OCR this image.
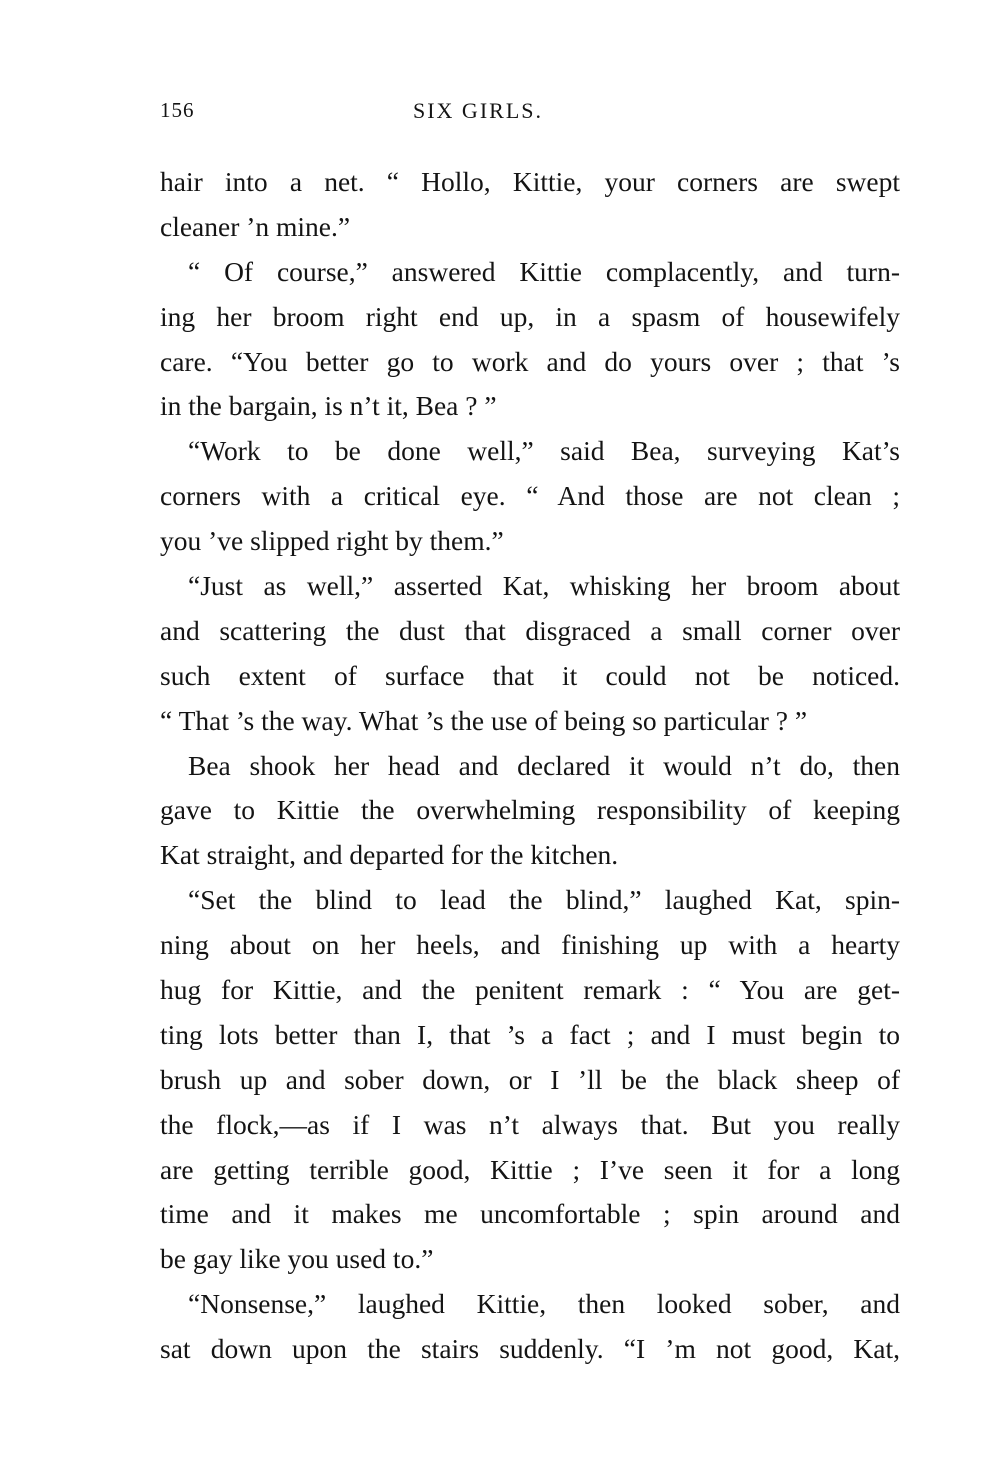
156	SIX GIRLS.
hair into a net. “ Hollo, Kittie, your corners are swept
cleaner ’n mine.”
“ Of course,” answered Kittie complacently, and turn-
ing her broom right end up, in a spasm of housewifely
care. “You better go to work and do yours over ; that ’s
in the bargain, is n’t it, Bea ? ”
“Work to be done well,” said Bea, surveying Kat’s
corners with a critical eye. “ And those are not clean ;
you ’ve slipped right by them.”
“Just as well,” asserted Kat, whisking her broom about
and scattering the dust that disgraced a small corner over
such extent of surface that it could not be noticed.
“ That ’s the way. What ’s the use of being so particular ? ”
Bea shook her head and declared it would n’t do, then
gave to Kittie the overwhelming responsibility of keeping
Kat straight, and departed for the kitchen.
“Set the blind to lead the blind,” laughed Kat, spin-
ning about on her heels, and finishing up with a hearty
hug for Kittie, and the penitent remark : “ You are get-
ting lots better than I, that ’s a fact ; and I must begin to
brush up and sober down, or I ’ll be the black sheep of
the flock,—as if I was n’t always that. But you really
are getting terrible good, Kittie ; I’ve seen it for a long
time and it makes me uncomfortable ; spin around and
be gay like you used to.”
“Nonsense,” laughed Kittie, then looked sober, and
sat down upon the stairs suddenly. “I ’m not good, Kat,
